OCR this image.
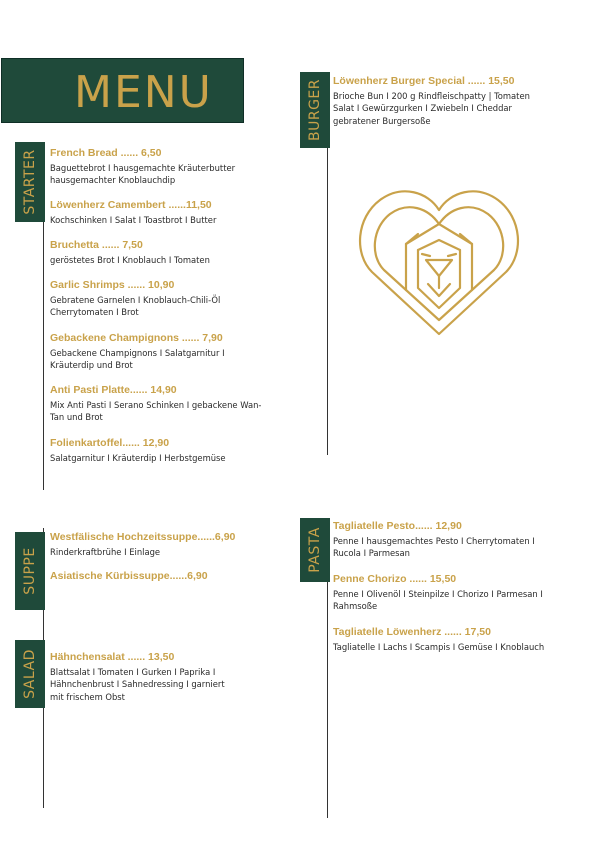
MENU
STARTER
BURGER
SUPPE
SALAD
PASTA
French Bread ...... 6,50
Baguettebrot I hausgemachte Kräuterbutter
hausgemachter Knoblauchdip
Löwenherz Camembert ......11,50
Kochschinken I Salat I Toastbrot I Butter
Bruchetta ...... 7,50
geröstetes Brot I Knoblauch I Tomaten
Garlic Shrimps ...... 10,90
Gebratene Garnelen I Knoblauch-Chili-Öl
Cherrytomaten I Brot
Gebackene Champignons ...... 7,90
Gebackene Champignons I Salatgarnitur I
Kräuterdip und Brot
Anti Pasti Platte...... 14,90
Mix Anti Pasti I Serano Schinken I gebackene Wan-
Tan und Brot
Folienkartoffel...... 12,90
Salatgarnitur I Kräuterdip I Herbstgemüse
Löwenherz Burger Special ...... 15,50
Brioche Bun I 200 g Rindfleischpatty | Tomaten
Salat I Gewürzgurken I Zwiebeln I Cheddar
gebratener Burgersoße
Westfälische Hochzeitssuppe......6,90
Rinderkraftbrühe I Einlage
Asiatische Kürbissuppe......6,90
Hähnchensalat ...... 13,50
Blattsalat I Tomaten I Gurken I Paprika I
Hähnchenbrust I Sahnedressing I garniert
mit frischem Obst
Tagliatelle Pesto...... 12,90
Penne I hausgemachtes Pesto I Cherrytomaten I
Rucola I Parmesan
Penne Chorizo ...... 15,50
Penne I Olivenöl I Steinpilze I Chorizo I Parmesan I
Rahmsoße
Tagliatelle Löwenherz ...... 17,50
Tagliatelle I Lachs I Scampis I Gemüse I Knoblauch
